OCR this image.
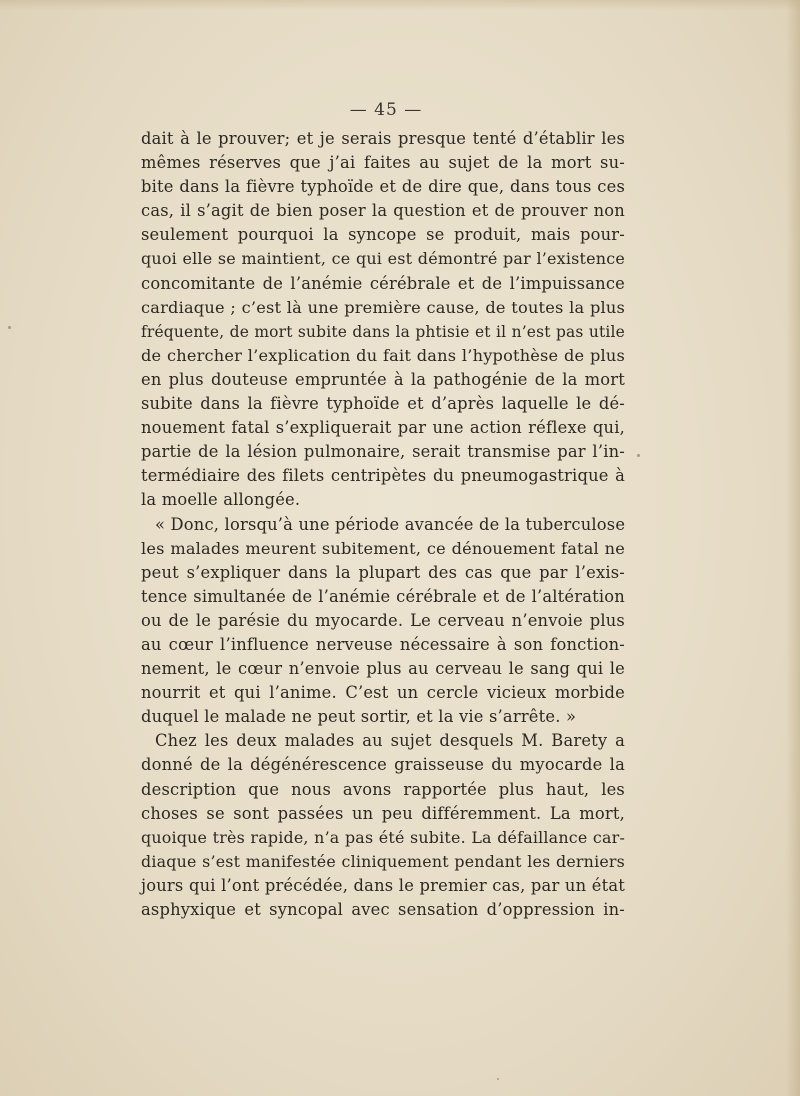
— 45 —
dait à le prouver; et je serais presque tenté d’établir les
mêmes réserves que j’ai faites au sujet de la mort su-
bite dans la fièvre typhoïde et de dire que, dans tous ces
cas, il s’agit de bien poser la question et de prouver non
seulement pourquoi la syncope se produit, mais pour-
quoi elle se maintient, ce qui est démontré par l’existence
concomitante de l’anémie cérébrale et de l’impuissance
cardiaque ; c’est là une première cause, de toutes la plus
fréquente, de mort subite dans la phtisie et il n’est pas utile
de chercher l’explication du fait dans l’hypothèse de plus
en plus douteuse empruntée à la pathogénie de la mort
subite dans la fièvre typhoïde et d’après laquelle le dé-
nouement fatal s’expliquerait par une action réflexe qui,
partie de la lésion pulmonaire, serait transmise par l’in-
termédiaire des filets centripètes du pneumogastrique à
la moelle allongée.
« Donc, lorsqu’à une période avancée de la tuberculose
les malades meurent subitement, ce dénouement fatal ne
peut s’expliquer dans la plupart des cas que par l’exis-
tence simultanée de l’anémie cérébrale et de l’altération
ou de le parésie du myocarde. Le cerveau n’envoie plus
au cœur l’influence nerveuse nécessaire à son fonction-
nement, le cœur n’envoie plus au cerveau le sang qui le
nourrit et qui l’anime. C’est un cercle vicieux morbide
duquel le malade ne peut sortir, et la vie s’arrête. »
Chez les deux malades au sujet desquels M. Barety a
donné de la dégénérescence graisseuse du myocarde la
description que nous avons rapportée plus haut, les
choses se sont passées un peu différemment. La mort,
quoique très rapide, n’a pas été subite. La défaillance car-
diaque s’est manifestée cliniquement pendant les derniers
jours qui l’ont précédée, dans le premier cas, par un état
asphyxique et syncopal avec sensation d’oppression in-
